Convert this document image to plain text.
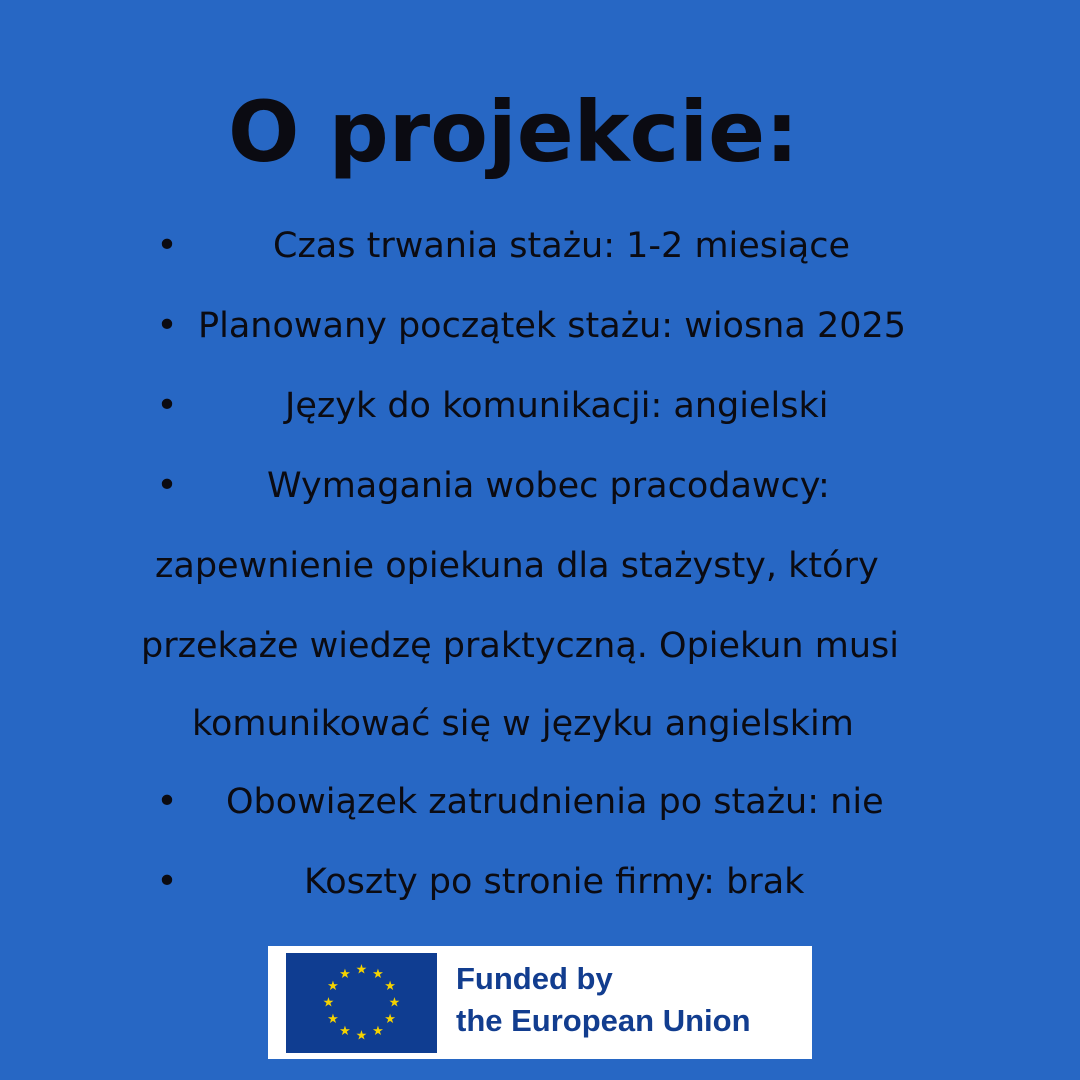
O projekcie:
•	Czas trwania stażu: 1-2 miesiące
• Planowany początek stażu: wiosna 2025
•	Język do komunikacji: angielski
•	Wymagania wobec pracodawcy:
zapewnienie opiekuna dla stażysty, który
przekaże wiedzę praktyczną. Opiekun musi
komunikować się w języku angielskim
• Obowiązek zatrudnienia po stażu: nie
•	Koszty po stronie firmy: brak
★ ★
★
★
★
★
★
★
★
★
★
★	Funded by
the European Union
